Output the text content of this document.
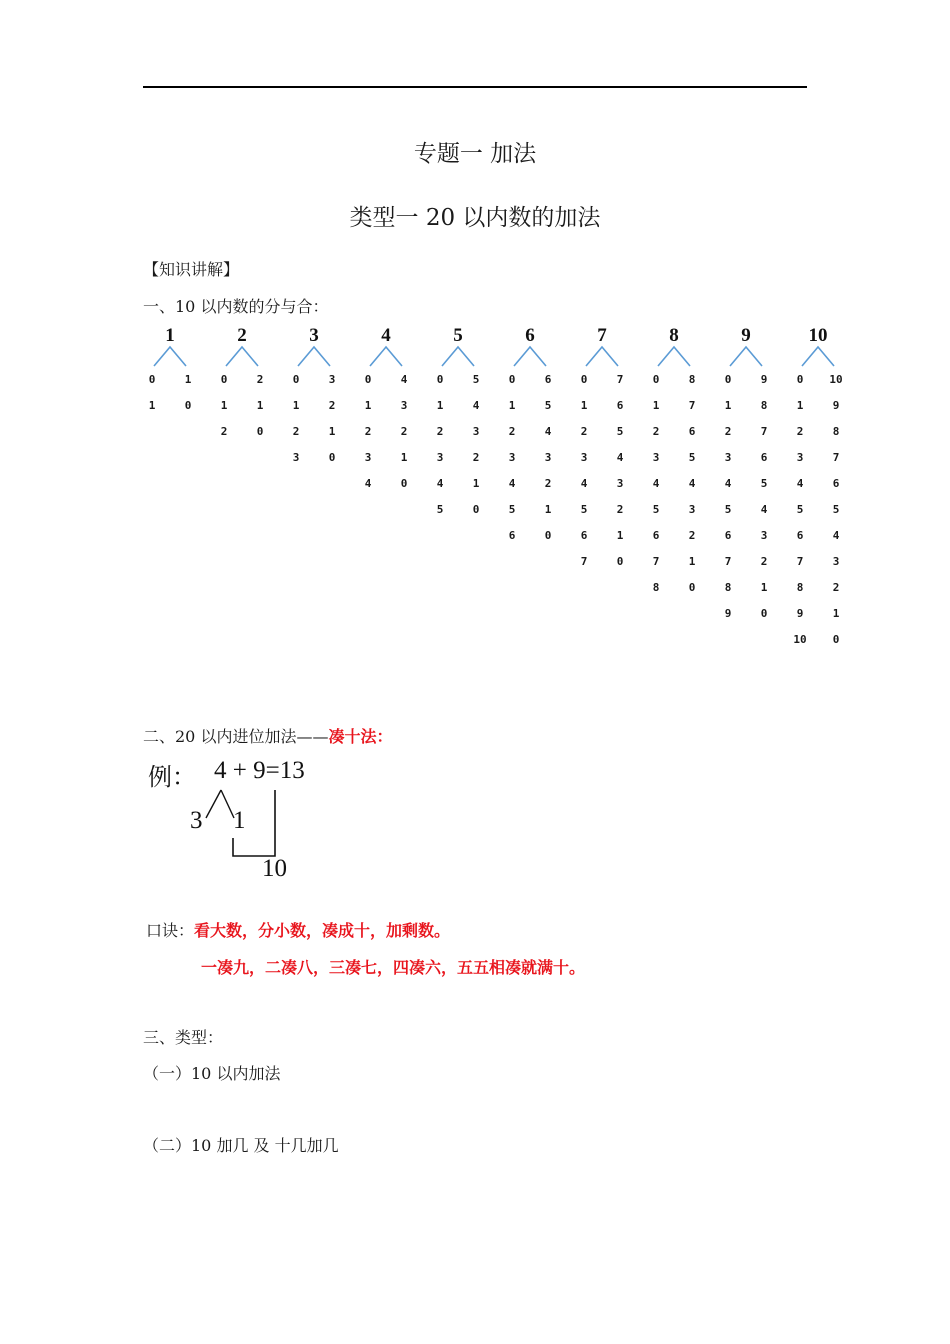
专题一 加法
类型一 20 以内数的加法
【知识讲解】
一、10 以内数的分与合：
1
0	1
1	0
2
0	2
1	1
2	0
3
0	3
1	2
2	1
3	0
4
0	4
1	3
2	2
3	1
4	0
5
0	5
1	4
2	3
3	2
4	1
5	0
6
0	6
1	5
2	4
3	3
4	2
5	1
6	0
7
0	7
1	6
2	5
3	4
4	3
5	2
6	1
7	0
8
0	8
1	7
2	6
3	5
4	4
5	3
6	2
7	1
8	0
9
0	9
1	8
2	7
3	6
4	5
5	4
6	3
7	2
8	1
9	0
10
0 10
1	9
2	8
3	7
4	6
5	5
6	4
7	3
8	2
9	1
10 0
二、20 以内进位加法——凑十法：
例： 4 + 9=13
3 1
10
口诀：看大数，分小数，凑成十，加剩数。
一凑九，二凑八，三凑七，四凑六，五五相凑就满十。
三、类型：
（一）10 以内加法
（二）10 加几 及 十几加几
